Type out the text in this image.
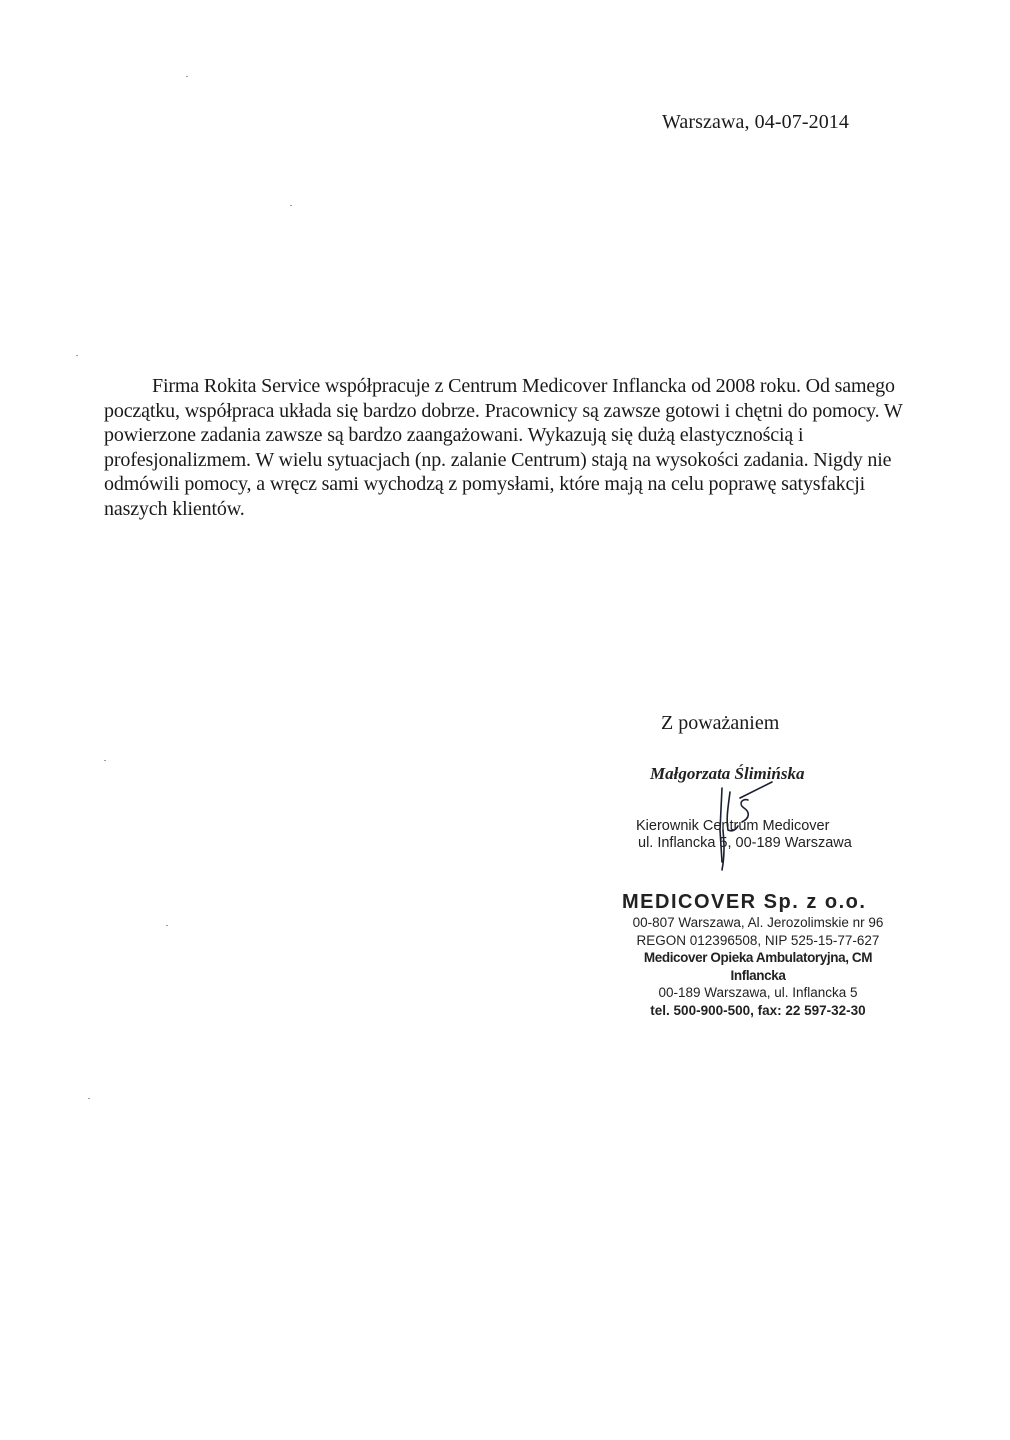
Warszawa, 04-07-2014

Firma Rokita Service współpracuje z Centrum Medicover Inflancka od 2008 roku. Od samego początku, współpraca układa się bardzo dobrze. Pracownicy są zawsze gotowi i chętni do pomocy. W powierzone zadania zawsze są bardzo zaangażowani. Wykazują się dużą elastycznością i profesjonalizmem. W wielu sytuacjach (np. zalanie Centrum) stają na wysokości zadania. Nigdy nie odmówili pomocy, a wręcz sami wychodzą z pomysłami, które mają na celu poprawę satysfakcji naszych klientów.

Z poważaniem
Małgorzata Ślimińska
Kierownik Centrum Medicover
ul. Inflancka 5, 00-189 Warszawa
MEDICOVER Sp. z o.o.
00-807 Warszawa, Al. Jerozolimskie nr 96
REGON 012396508, NIP 525-15-77-627
Medicover Opieka Ambulatoryjna, CM Inflancka
00-189 Warszawa, ul. Inflancka 5
tel. 500-900-500, fax: 22 597-32-30
